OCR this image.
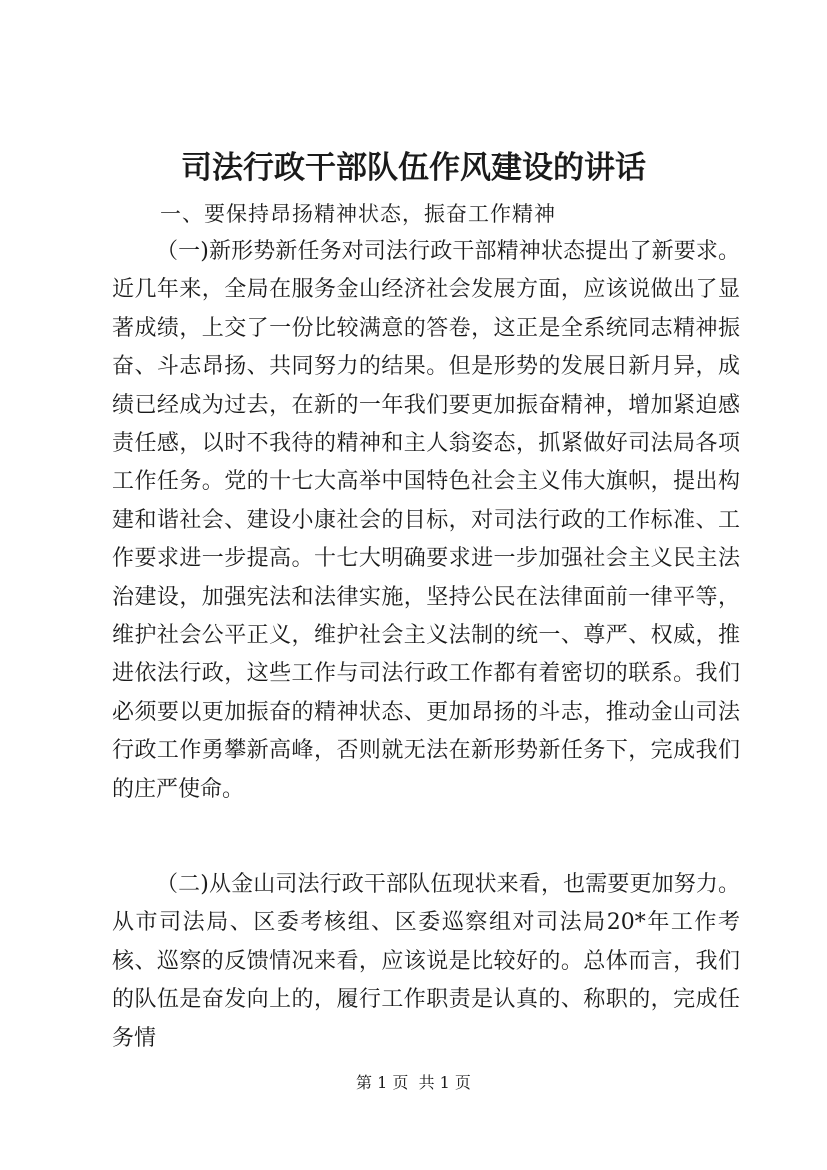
司法行政干部队伍作风建设的讲话

一、要保持昂扬精神状态，振奋工作精神

（一)新形势新任务对司法行政干部精神状态提出了新要求。近几年来，全局在服务金山经济社会发展方面，应该说做出了显著成绩，上交了一份比较满意的答卷，这正是全系统同志精神振奋、斗志昂扬、共同努力的结果。但是形势的发展日新月异，成绩已经成为过去，在新的一年我们要更加振奋精神，增加紧迫感责任感，以时不我待的精神和主人翁姿态，抓紧做好司法局各项工作任务。党的十七大高举中国特色社会主义伟大旗帜，提出构建和谐社会、建设小康社会的目标，对司法行政的工作标准、工作要求进一步提高。十七大明确要求进一步加强社会主义民主法治建设，加强宪法和法律实施，坚持公民在法律面前一律平等，维护社会公平正义，维护社会主义法制的统一、尊严、权威，推进依法行政，这些工作与司法行政工作都有着密切的联系。我们必须要以更加振奋的精神状态、更加昂扬的斗志，推动金山司法行政工作勇攀新高峰，否则就无法在新形势新任务下，完成我们的庄严使命。

（二)从金山司法行政干部队伍现状来看，也需要更加努力。从市司法局、区委考核组、区委巡察组对司法局20*年工作考核、巡察的反馈情况来看，应该说是比较好的。总体而言，我们的队伍是奋发向上的，履行工作职责是认真的、称职的，完成任务情

第 1 页  共 1 页
